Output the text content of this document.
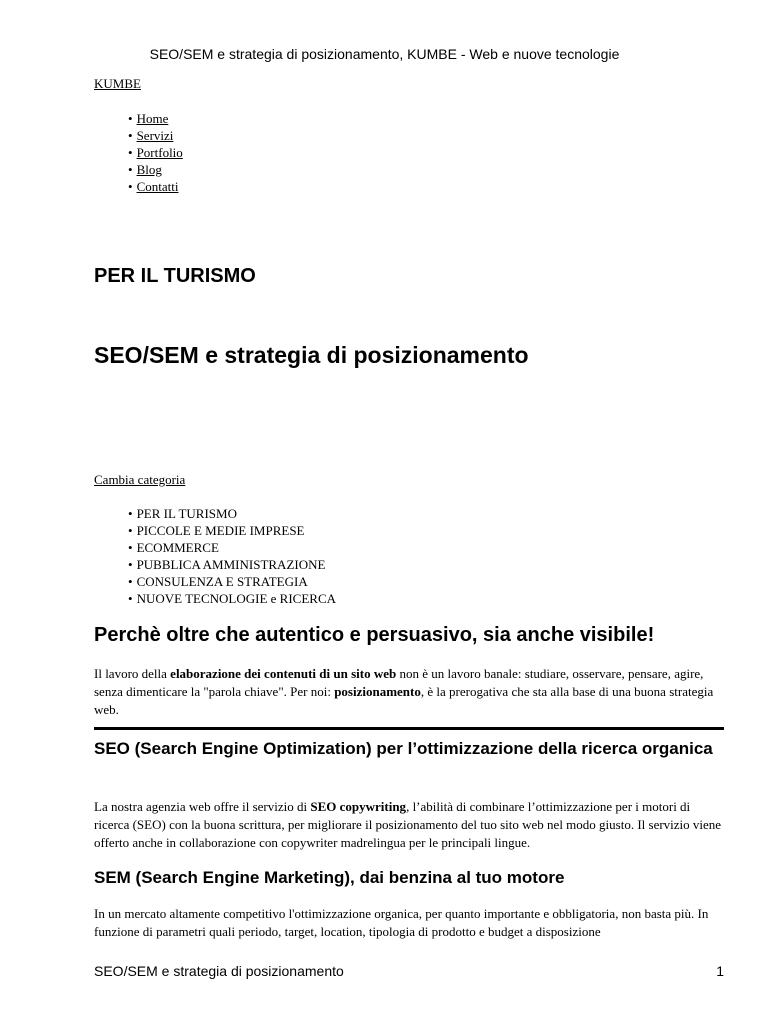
SEO/SEM e strategia di posizionamento, KUMBE - Web e nuove tecnologie
KUMBE
• Home
• Servizi
• Portfolio
• Blog
• Contatti
PER IL TURISMO
SEO/SEM e strategia di posizionamento
Cambia categoria
• PER IL TURISMO
• PICCOLE E MEDIE IMPRESE
• ECOMMERCE
• PUBBLICA AMMINISTRAZIONE
• CONSULENZA E STRATEGIA
• NUOVE TECNOLOGIE e RICERCA
Perchè oltre che autentico e persuasivo, sia anche visibile!

Il lavoro della elaborazione dei contenuti di un sito web non è un lavoro banale: studiare, osservare, pensare, agire, senza dimenticare la "parola chiave". Per noi: posizionamento, è la prerogativa che sta alla base di una buona strategia web.

SEO (Search Engine Optimization) per l’ottimizzazione della ricerca organica

La nostra agenzia web offre il servizio di SEO copywriting, l’abilità di combinare l’ottimizzazione per i motori di ricerca (SEO) con la buona scrittura, per migliorare il posizionamento del tuo sito web nel modo giusto. Il servizio viene offerto anche in collaborazione con copywriter madrelingua per le principali lingue.

SEM (Search Engine Marketing), dai benzina al tuo motore

In un mercato altamente competitivo l'ottimizzazione organica, per quanto importante e obbligatoria, non basta più. In funzione di parametri quali periodo, target, location, tipologia di prodotto e budget a disposizione

SEO/SEM e strategia di posizionamento	1
